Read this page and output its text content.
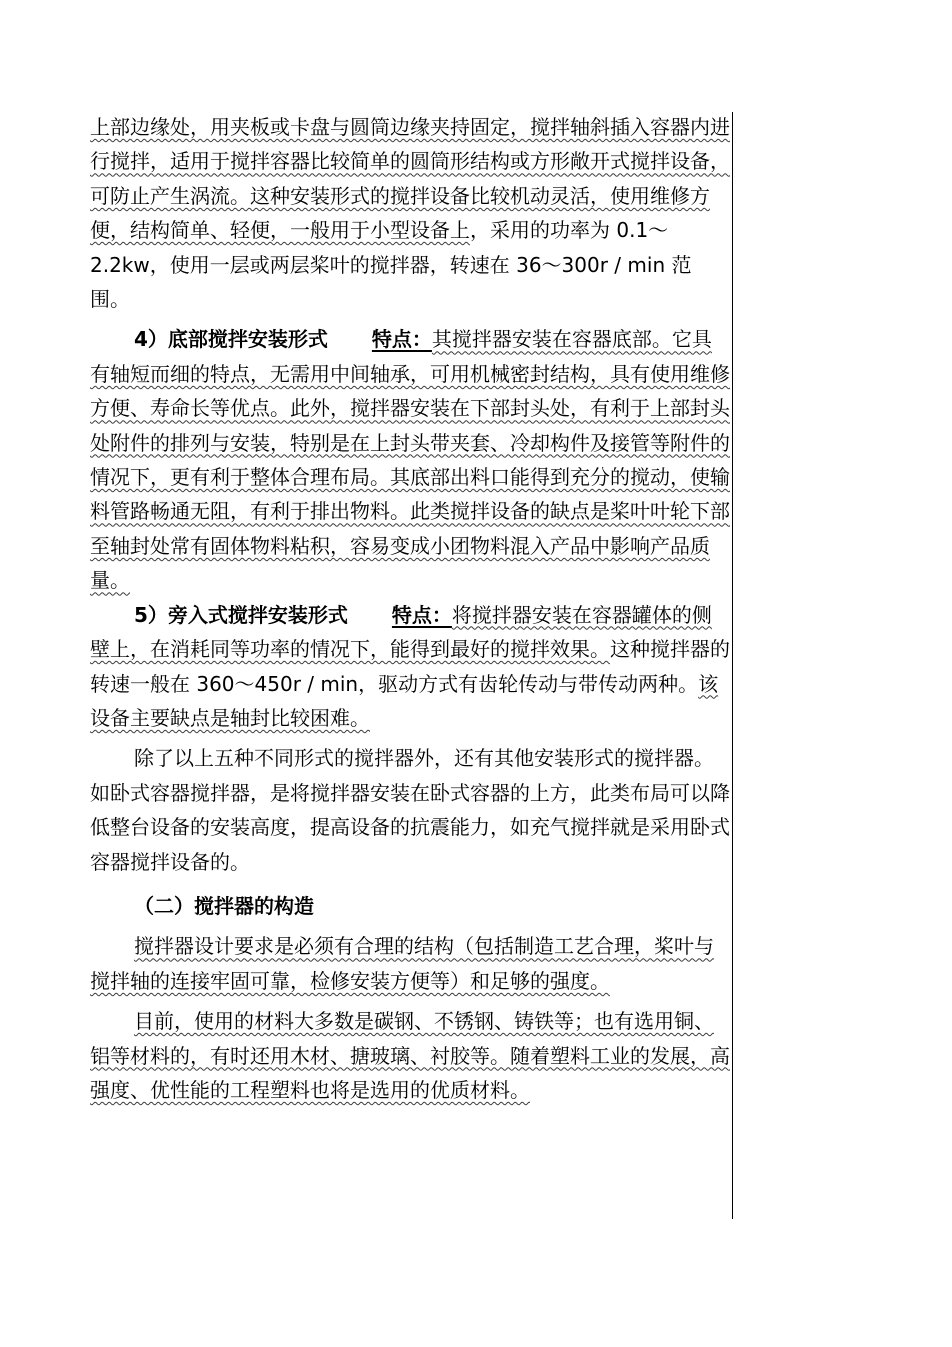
上部边缘处，用夹板或卡盘与圆筒边缘夹持固定，搅拌轴斜插入容器内进行搅拌，适用于搅拌容器比较简单的圆筒形结构或方形敞开式搅拌设备，可防止产生涡流。这种安装形式的搅拌设备比较机动灵活，使用维修方便，结构简单、轻便，一般用于小型设备上，采用的功率为 0.1～2.2kw，使用一层或两层桨叶的搅拌器，转速在 36～300r / min 范围。

4）底部搅拌安装形式 特点：其搅拌器安装在容器底部。它具有轴短而细的特点，无需用中间轴承，可用机械密封结构，具有使用维修方便、寿命长等优点。此外，搅拌器安装在下部封头处，有利于上部封头处附件的排列与安装，特别是在上封头带夹套、冷却构件及接管等附件的情况下，更有利于整体合理布局。其底部出料口能得到充分的搅动，使输料管路畅通无阻，有利于排出物料。此类搅拌设备的缺点是桨叶叶轮下部至轴封处常有固体物料粘积，容易变成小团物料混入产品中影响产品质量。

5）旁入式搅拌安装形式 特点：将搅拌器安装在容器罐体的侧壁上，在消耗同等功率的情况下，能得到最好的搅拌效果。这种搅拌器的转速一般在 360～450r / min，驱动方式有齿轮传动与带传动两种。该设备主要缺点是轴封比较困难。

除了以上五种不同形式的搅拌器外，还有其他安装形式的搅拌器。如卧式容器搅拌器，是将搅拌器安装在卧式容器的上方，此类布局可以降低整台设备的安装高度，提高设备的抗震能力，如充气搅拌就是采用卧式容器搅拌设备的。

（二）搅拌器的构造

搅拌器设计要求是必须有合理的结构（包括制造工艺合理，桨叶与搅拌轴的连接牢固可靠，检修安装方便等）和足够的强度。

目前，使用的材料大多数是碳钢、不锈钢、铸铁等；也有选用铜、铝等材料的，有时还用木材、搪玻璃、衬胶等。随着塑料工业的发展，高强度、优性能的工程塑料也将是选用的优质材料。
